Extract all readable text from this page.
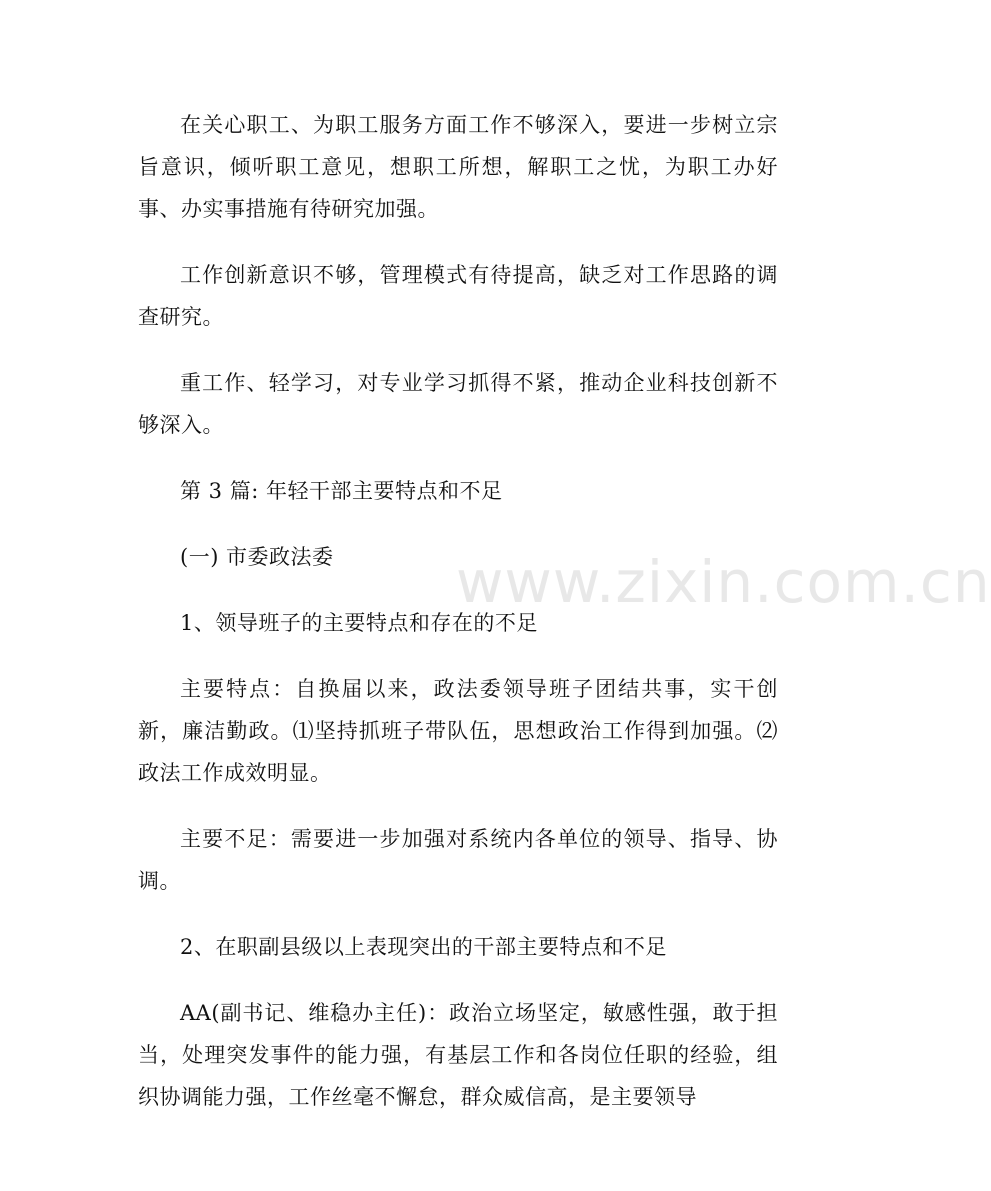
www.zixin.com.cn

在关心职工、为职工服务方面工作不够深入，要进一步树立宗旨意识，倾听职工意见，想职工所想，解职工之忧，为职工办好事、办实事措施有待研究加强。

工作创新意识不够，管理模式有待提高，缺乏对工作思路的调查研究。

重工作、轻学习，对专业学习抓得不紧，推动企业科技创新不够深入。

第 3 篇: 年轻干部主要特点和不足

(一) 市委政法委

1、领导班子的主要特点和存在的不足

主要特点：自换届以来，政法委领导班子团结共事，实干创新，廉洁勤政。⑴坚持抓班子带队伍，思想政治工作得到加强。⑵政法工作成效明显。

主要不足：需要进一步加强对系统内各单位的领导、指导、协调。

2、在职副县级以上表现突出的干部主要特点和不足

AA(副书记、维稳办主任)：政治立场坚定，敏感性强，敢于担当，处理突发事件的能力强，有基层工作和各岗位任职的经验，组织协调能力强，工作丝毫不懈怠，群众威信高，是主要领导
